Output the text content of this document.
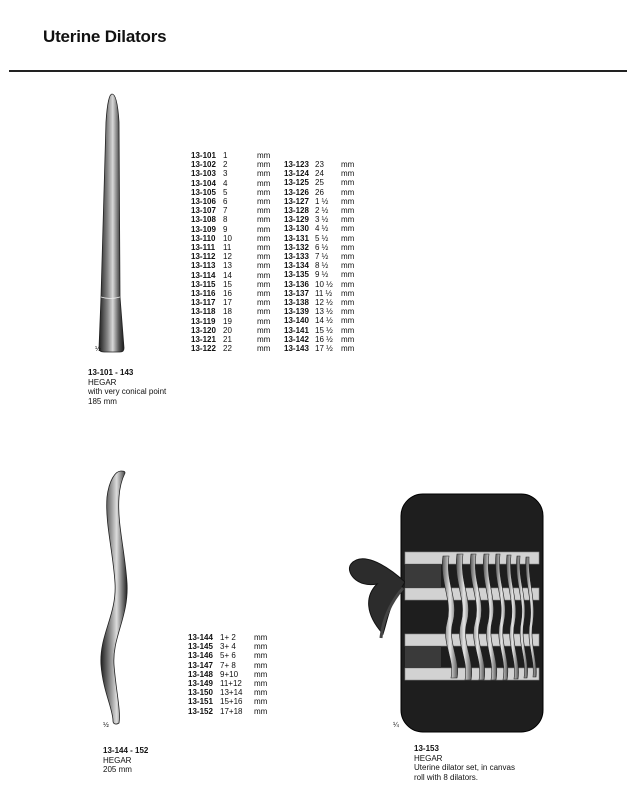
Uterine Dilators
½
13-101 1	mm
13-102 2	mm
13-103 3	mm
13-104 4	mm
13-105 5	mm
13-106 6	mm
13-107 7	mm
13-108 8	mm
13-109 9	mm
13-110 10	mm
13-111 11	mm
13-112 12	mm
13-113 13	mm
13-114 14	mm
13-115 15	mm
13-116 16	mm
13-117 17	mm
13-118 18	mm
13-119 19	mm
13-120 20	mm
13-121 21	mm
13-122 22	mm
13-123 23	mm
13-124 24	mm
13-125 25	mm
13-126 26	mm
13-127 1 ½	mm
13-128 2 ½	mm
13-129 3 ½	mm
13-130 4 ½	mm
13-131 5 ½	mm
13-132 6 ½	mm
13-133 7 ½	mm
13-134 8 ½	mm
13-135 9 ½	mm
13-136 10 ½	mm
13-137 11 ½	mm
13-138 12 ½	mm
13-139 13 ½	mm
13-140 14 ½	mm
13-141 15 ½	mm
13-142 16 ½	mm
13-143 17 ½	mm
13-101 - 143
HEGAR
with very conical point
185 mm
½
13-144 1+ 2	mm
13-145 3+ 4	mm
13-146 5+ 6	mm
13-147 7+ 8	mm
13-148 9+10	mm
13-149 11+12	mm
13-150 13+14	mm
13-151 15+16	mm
13-152 17+18	mm
13-144 - 152
HEGAR
205 mm
¼
13-153
HEGAR
Uterine dilator set, in canvas
roll with 8 dilators.
